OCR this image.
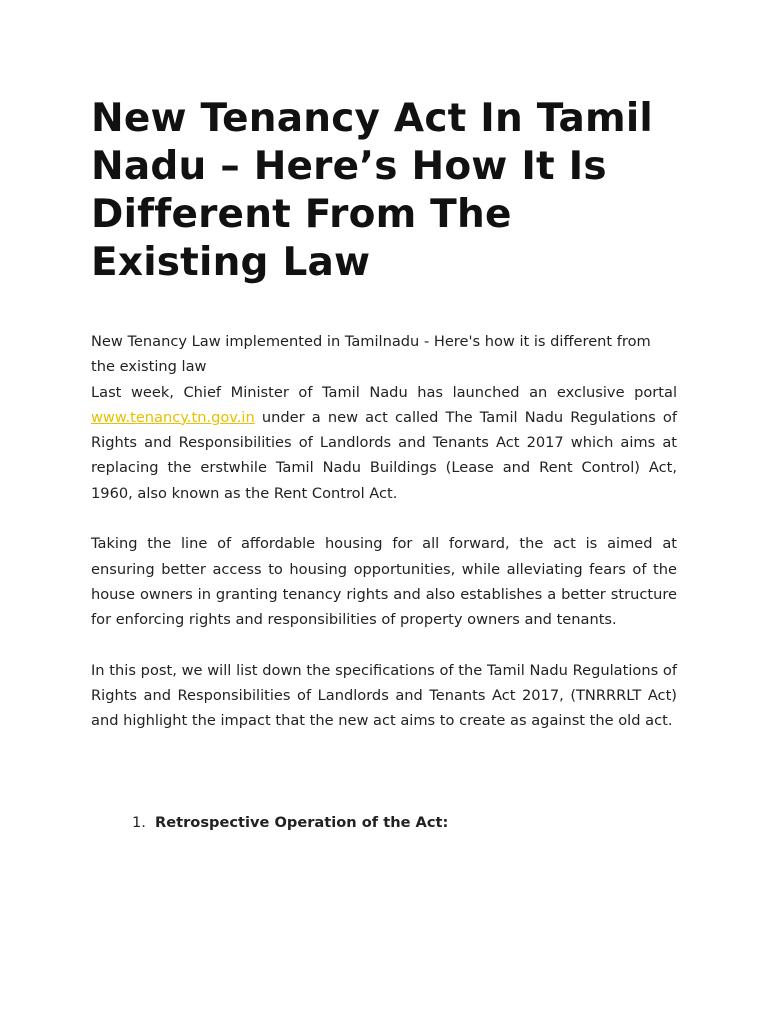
New Tenancy Act In Tamil Nadu – Here’s How It Is Different From The Existing Law

New Tenancy Law implemented in Tamilnadu - Here's how it is different from the existing law

Last week, Chief Minister of Tamil Nadu has launched an exclusive portal www.tenancy.tn.gov.in under a new act called The Tamil Nadu Regulations of Rights and Responsibilities of Landlords and Tenants Act 2017 which aims at replacing the erstwhile Tamil Nadu Buildings (Lease and Rent Control) Act, 1960, also known as the Rent Control Act.

Taking the line of affordable housing for all forward, the act is aimed at ensuring better access to housing opportunities, while alleviating fears of the house owners in granting tenancy rights and also establishes a better structure for enforcing rights and responsibilities of property owners and tenants.

In this post, we will list down the specifications of the Tamil Nadu Regulations of Rights and Responsibilities of Landlords and Tenants Act 2017, (TNRRRLT Act) and highlight the impact that the new act aims to create as against the old act.

1. Retrospective Operation of the Act:
